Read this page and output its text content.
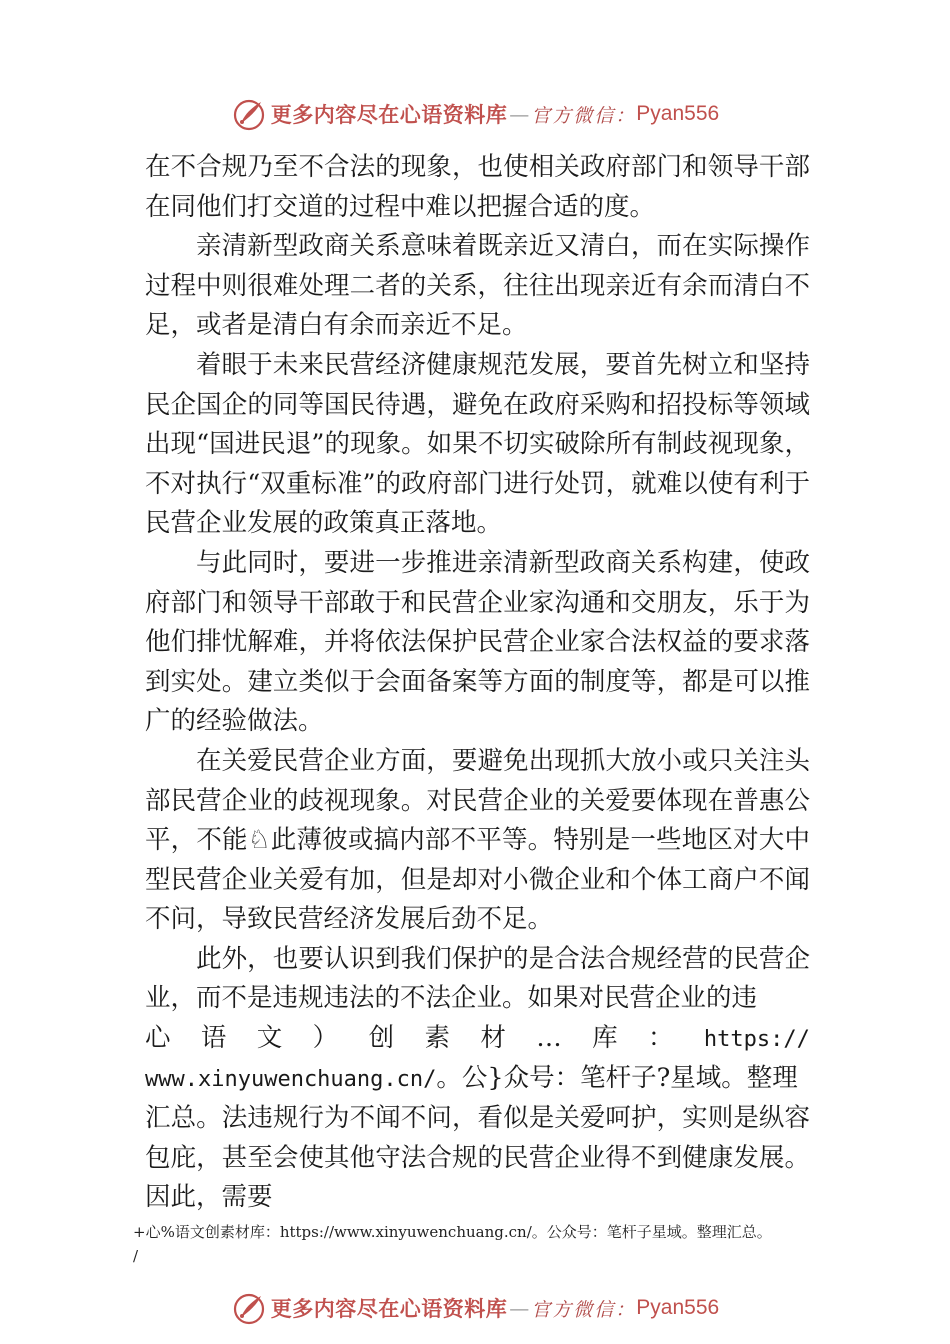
更多内容尽在心语资料库 — 官方微信： Pyan556

在不合规乃至不合法的现象，也使相关政府部门和领导干部在同他们打交道的过程中难以把握合适的度。

亲清新型政商关系意味着既亲近又清白，而在实际操作过程中则很难处理二者的关系，往往出现亲近有余而清白不足，或者是清白有余而亲近不足。

着眼于未来民营经济健康规范发展，要首先树立和坚持民企国企的同等国民待遇，避免在政府采购和招投标等领域出现“国进民退”的现象。如果不切实破除所有制歧视现象，不对执行“双重标准”的政府部门进行处罚，就难以使有利于民营企业发展的政策真正落地。

与此同时，要进一步推进亲清新型政商关系构建，使政府部门和领导干部敢于和民营企业家沟通和交朋友，乐于为他们排忧解难，并将依法保护民营企业家合法权益的要求落到实处。建立类似于会面备案等方面的制度等，都是可以推广的经验做法。

在关爱民营企业方面，要避免出现抓大放小或只关注头部民营企业的歧视现象。对民营企业的关爱要体现在普惠公平，不能♘此薄彼或搞内部不平等。特别是一些地区对大中型民营企业关爱有加，但是却对小微企业和个体工商户不闻不问，导致民营经济发展后劲不足。

此外，也要认识到我们保护的是合法合规经营的民营企业，而不是违规违法的不法企业。如果对民营企业的违

心 语 文 ） 创 素 材 … 库 ： https://

www.xinyuwenchuang.cn/。公}众号：笔杆子?星域。整理

汇总。法违规行为不闻不问，看似是关爱呵护，实则是纵容包庇，甚至会使其他守法合规的民营企业得不到健康发展。因此，需要

+心%语文创素材库：https://www.xinyuwenchuang.cn/。公众号：笔杆子星域。整理汇总。
/
更多内容尽在心语资料库 — 官方微信： Pyan556
